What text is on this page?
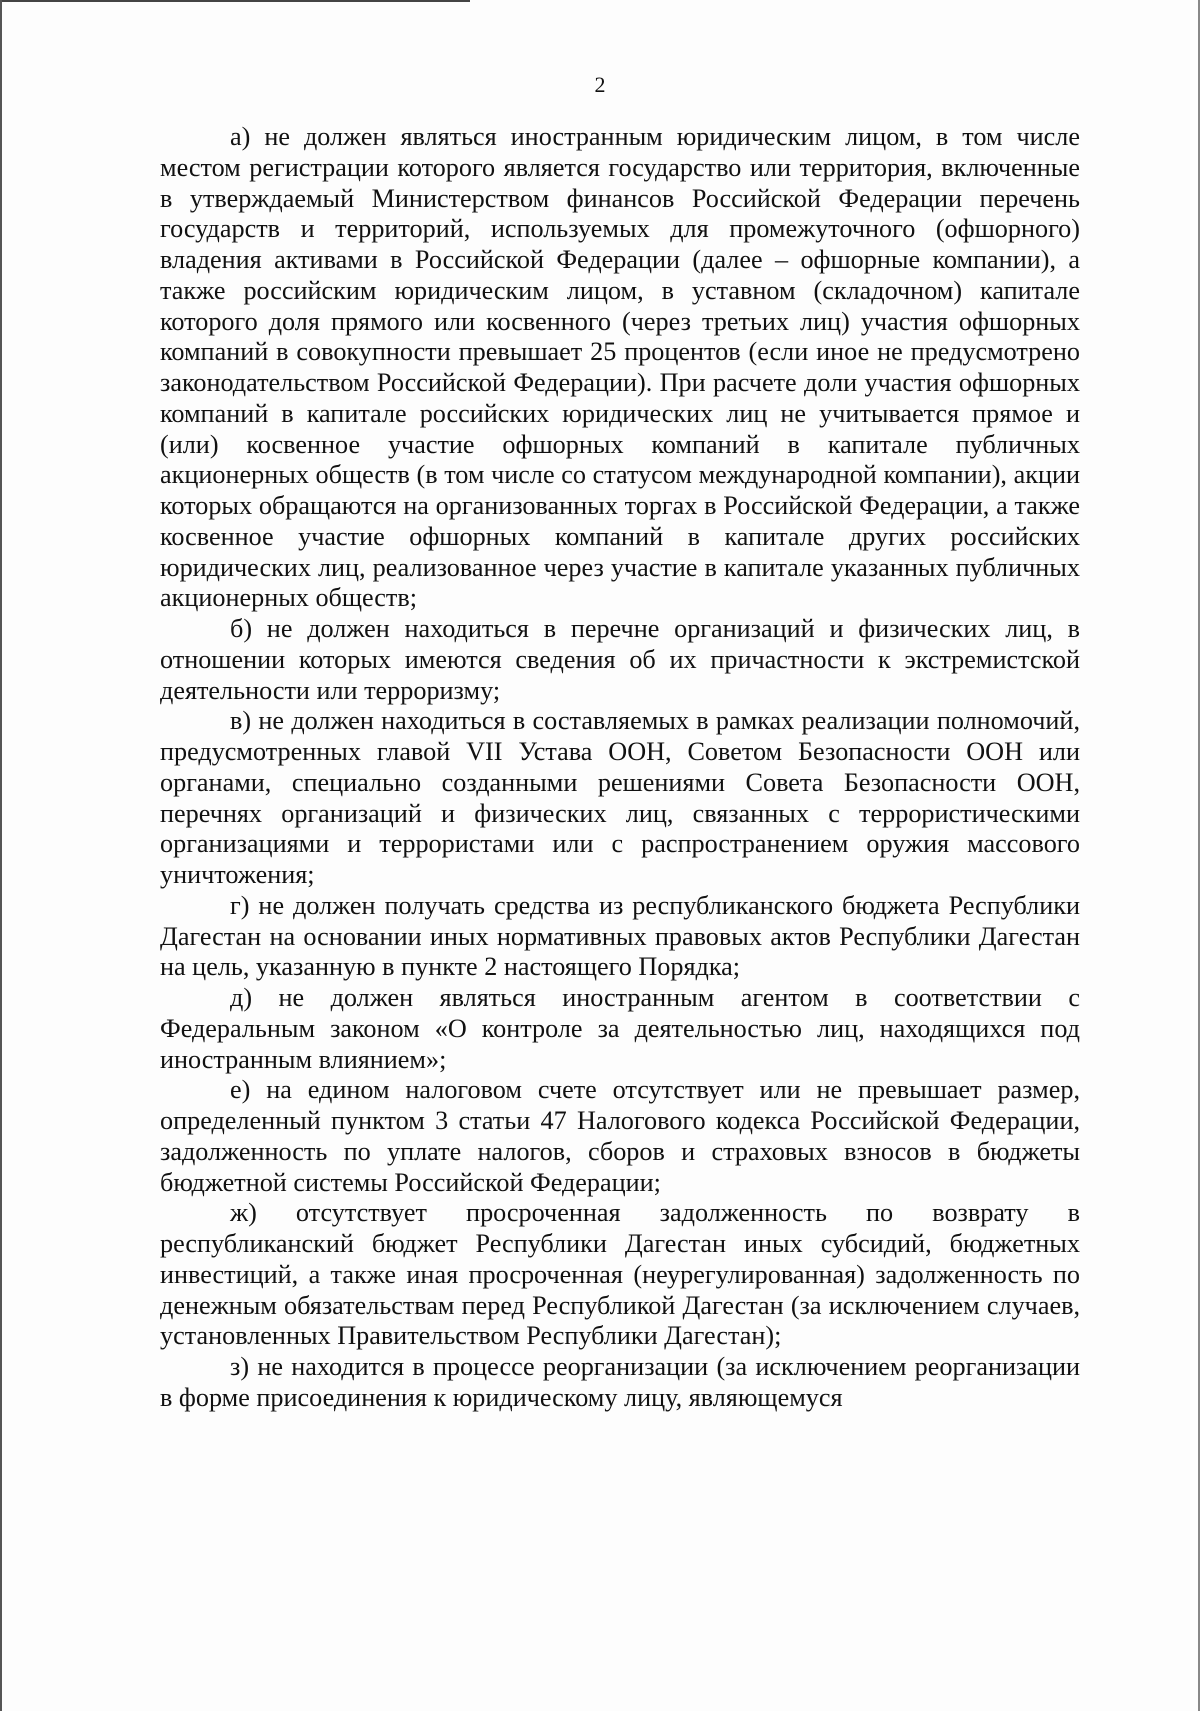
2

а) не должен являться иностранным юридическим лицом, в том числе местом регистрации которого является государство или территория, включенные в утверждаемый Министерством финансов Российской Федерации перечень государств и территорий, используемых для промежуточного (офшорного) владения активами в Российской Федерации (далее – офшорные компании), а также российским юридическим лицом, в уставном (складочном) капитале которого доля прямого или косвенного (через третьих лиц) участия офшорных компаний в совокупности превышает 25 процентов (если иное не предусмотрено законодательством Российской Федерации). При расчете доли участия офшорных компаний в капитале российских юридических лиц не учитывается прямое и (или) косвенное участие офшорных компаний в капитале публичных акционерных обществ (в том числе со статусом международной компании), акции которых обращаются на организованных торгах в Российской Федерации, а также косвенное участие офшорных компаний в капитале других российских юридических лиц, реализованное через участие в капитале указанных публичных акционерных обществ;

б) не должен находиться в перечне организаций и физических лиц, в отношении которых имеются сведения об их причастности к экстремистской деятельности или терроризму;

в) не должен находиться в составляемых в рамках реализации полномочий, предусмотренных главой VII Устава ООН, Советом Безопасности ООН или органами, специально созданными решениями Совета Безопасности ООН, перечнях организаций и физических лиц, связанных с террористическими организациями и террористами или с распространением оружия массового уничтожения;

г) не должен получать средства из республиканского бюджета Республики Дагестан на основании иных нормативных правовых актов Республики Дагестан на цель, указанную в пункте 2 настоящего Порядка;

д) не должен являться иностранным агентом в соответствии с Федеральным законом «О контроле за деятельностью лиц, находящихся под иностранным влиянием»;

е) на едином налоговом счете отсутствует или не превышает размер, определенный пунктом 3 статьи 47 Налогового кодекса Российской Федерации, задолженность по уплате налогов, сборов и страховых взносов в бюджеты бюджетной системы Российской Федерации;

ж) отсутствует просроченная задолженность по возврату в республиканский бюджет Республики Дагестан иных субсидий, бюджетных инвестиций, а также иная просроченная (неурегулированная) задолженность по денежным обязательствам перед Республикой Дагестан (за исключением случаев, установленных Правительством Республики Дагестан);

з) не находится в процессе реорганизации (за исключением реорганизации в форме присоединения к юридическому лицу, являющемуся
